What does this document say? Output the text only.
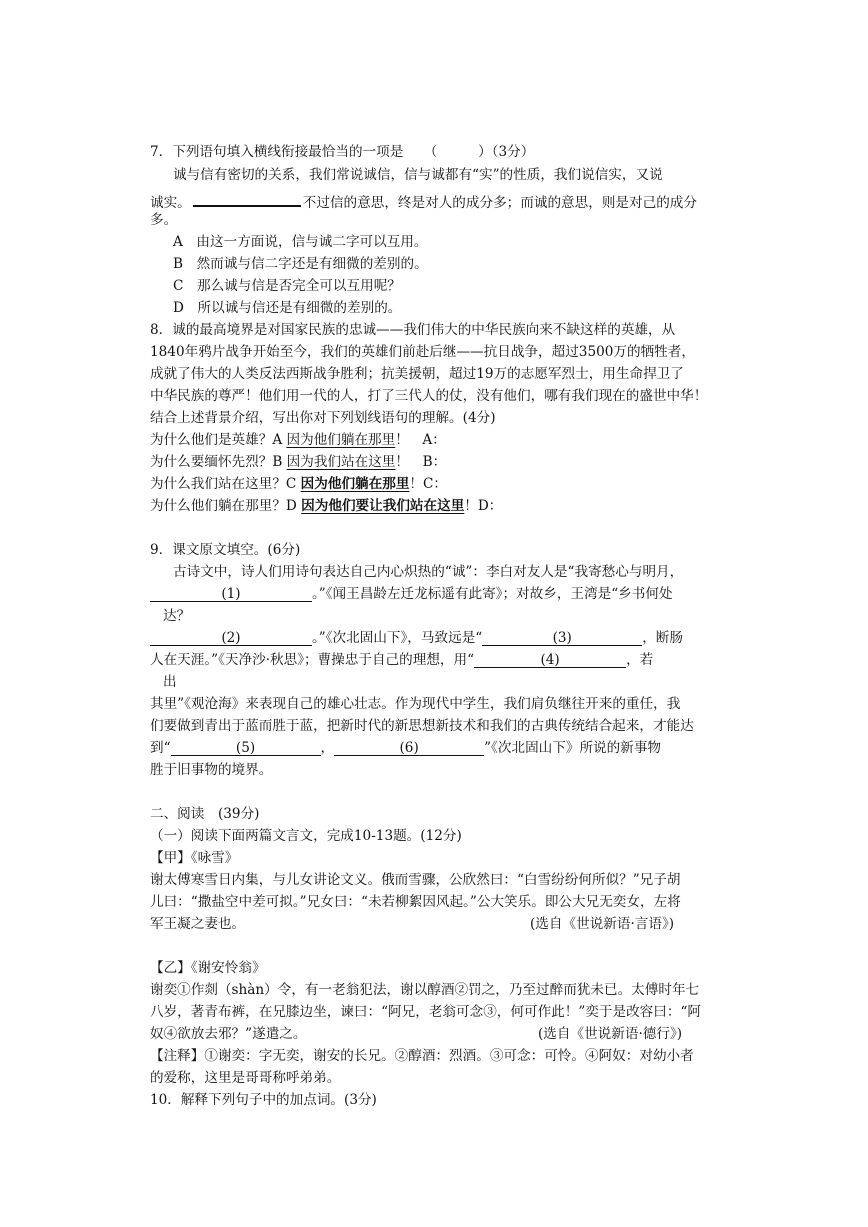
7．下列语句填入横线衔接最恰当的一项是　　（　　　）（3分）
诚与信有密切的关系，我们常说诚信，信与诚都有“实”的性质，我们说信实，又说
诚实。	不过信的意思，终是对人的成分多；而诚的意思，则是对己的成分
多。
A　由这一方面说，信与诚二字可以互用。
B　然而诚与信二字还是有细微的差别的。
C　那么诚与信是否完全可以互用呢？
D　所以诚与信还是有细微的差别的。
8．诚的最高境界是对国家民族的忠诚——我们伟大的中华民族向来不缺这样的英雄，从
1840年鸦片战争开始至今，我们的英雄们前赴后继——抗日战争，超过3500万的牺牲者，
成就了伟大的人类反法西斯战争胜利；抗美援朝，超过19万的志愿军烈士，用生命捍卫了
中华民族的尊严！他们用一代的人，打了三代人的仗，没有他们，哪有我们现在的盛世中华！
结合上述背景介绍，写出你对下列划线语句的理解。(4分)
为什么他们是英雄？A 因为他们躺在那里！　A：
为什么要缅怀先烈？B 因为我们站在这里！　B：
为什么我们站在这里？C 因为他们躺在那里！C：
为什么他们躺在那里？D 因为他们要让我们站在这里！D：
9．课文原文填空。(6分)
古诗文中，诗人们用诗句表达自己内心炽热的“诚”：李白对友人是“我寄愁心与明月，
(1)	。”《闻王昌龄左迁龙标遥有此寄》；对故乡，王湾是“乡书何处
达？
(2)	。”《次北固山下》，马致远是“	(3)	，断肠
人在天涯。”《天净沙·秋思》；曹操忠于自己的理想，用“	(4)	，若
出
其里”《观沧海》来表现自己的雄心壮志。作为现代中学生，我们肩负继往开来的重任，我
们要做到青出于蓝而胜于蓝，把新时代的新思想新技术和我们的古典传统结合起来，才能达
到“	(5)	，	(6)	”《次北固山下》所说的新事物
胜于旧事物的境界。
二、阅读　(39分)
（一）阅读下面两篇文言文，完成10-13题。(12分)
【甲】《咏雪》
谢太傅寒雪日内集，与儿女讲论文义。俄而雪骤，公欣然曰：“白雪纷纷何所似？”兄子胡
儿曰：“撒盐空中差可拟。”兄女曰：“未若柳絮因风起。”公大笑乐。即公大兄无奕女，左将
军王凝之妻也。	(选自《世说新语·言语》)
【乙】《谢安怜翁》
谢奕①作剡（shàn）令，有一老翁犯法，谢以醇酒②罚之，乃至过醉而犹未已。太傅时年七
八岁，著青布裤，在兄膝边坐，谏曰：“阿兄，老翁可念③，何可作此！”奕于是改容曰：“阿
奴④欲放去邪？”遂遣之。	(选自《世说新语·德行》)
【注释】①谢奕：字无奕，谢安的长兄。②醇酒：烈酒。③可念：可怜。④阿奴：对幼小者
的爱称，这里是哥哥称呼弟弟。
10．解释下列句子中的加点词。(3分)
